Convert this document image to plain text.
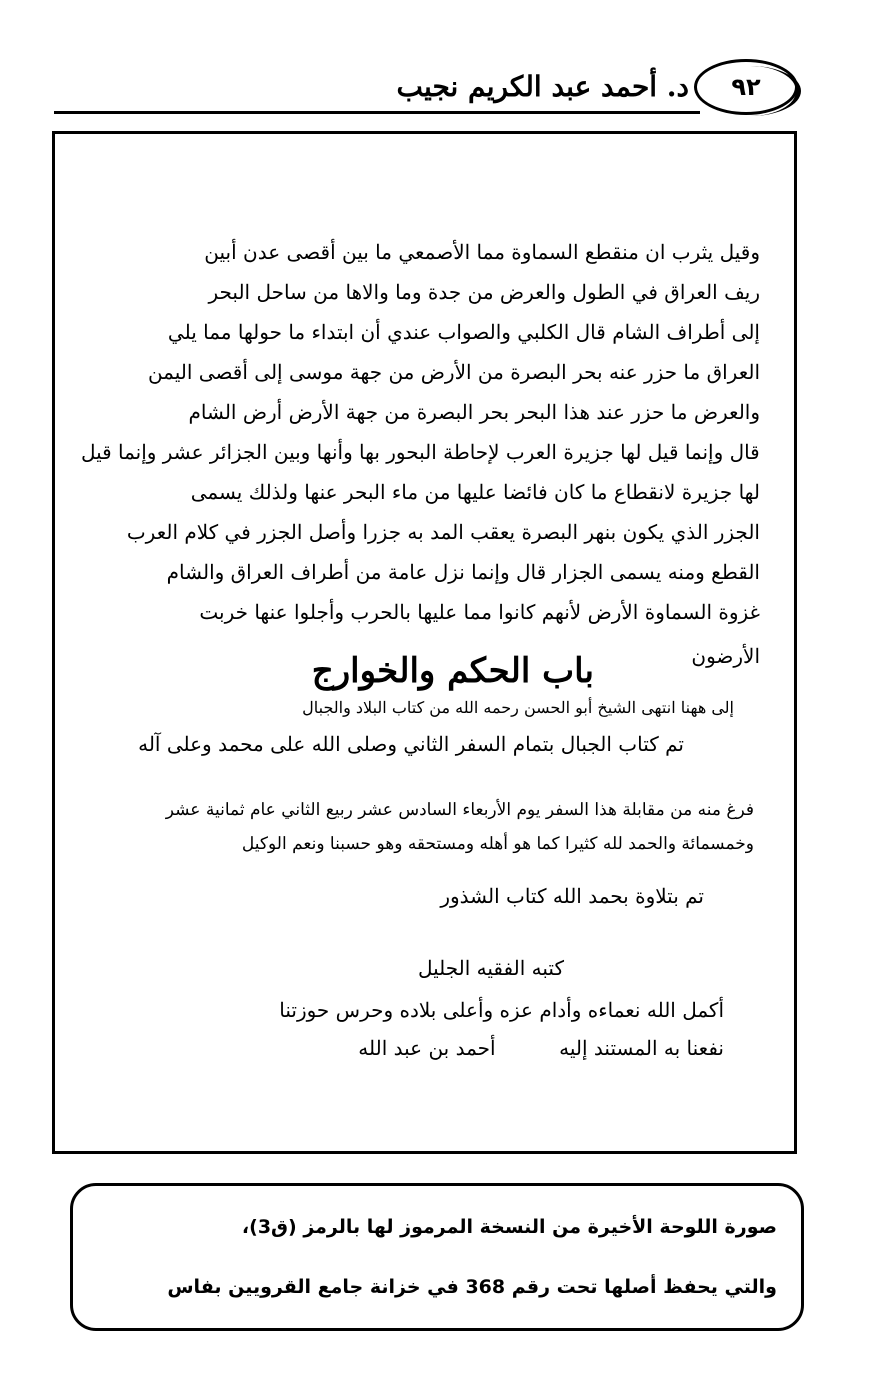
٩٢
د. أحمد عبد الكريم نجيب
وقيل يثرب ان منقطع السماوة مما الأصمعي ما بين أقصى عدن أبين
ريف العراق في الطول والعرض من جدة وما والاها من ساحل البحر
إلى أطراف الشام قال الكلبي والصواب عندي أن ابتداء ما حولها مما يلي
العراق ما حزر عنه بحر البصرة من الأرض من جهة موسى إلى أقصى اليمن
والعرض ما حزر عند هذا البحر بحر البصرة من جهة الأرض أرض الشام
قال وإنما قيل لها جزيرة العرب لإحاطة البحور بها وأنها وبين الجزائر عشر وإنما قيل
لها جزيرة لانقطاع ما كان فائضا عليها من ماء البحر عنها ولذلك يسمى
الجزر الذي يكون بنهر البصرة يعقب المد به جزرا وأصل الجزر في كلام العرب
القطع ومنه يسمى الجزار قال وإنما نزل عامة من أطراف العراق والشام
غزوة السماوة الأرض لأنهم كانوا مما عليها بالحرب وأجلوا عنها خربت
الأرضون
باب الحكم والخوارج
إلى ههنا انتهى الشيخ أبو الحسن رحمه الله من كتاب البلاد والجبال
تم كتاب الجبال بتمام السفر الثاني وصلى الله على محمد وعلى آله
فرغ منه من مقابلة هذا السفر يوم الأربعاء السادس عشر ربيع الثاني عام ثمانية عشر
وخمسمائة والحمد لله كثيرا كما هو أهله ومستحقه وهو حسبنا ونعم الوكيل
تم بتلاوة بحمد الله كتاب الشذور
كتبه الفقيه الجليل
أكمل الله نعماءه وأدام عزه وأعلى بلاده وحرس حوزتنا
نفعنا به المستند إليه          أحمد بن عبد الله
صورة اللوحة الأخيرة من النسخة المرموز لها بالرمز (ق3)،
والتي يحفظ أصلها تحت رقم 368 في خزانة جامع القرويين بفاس
